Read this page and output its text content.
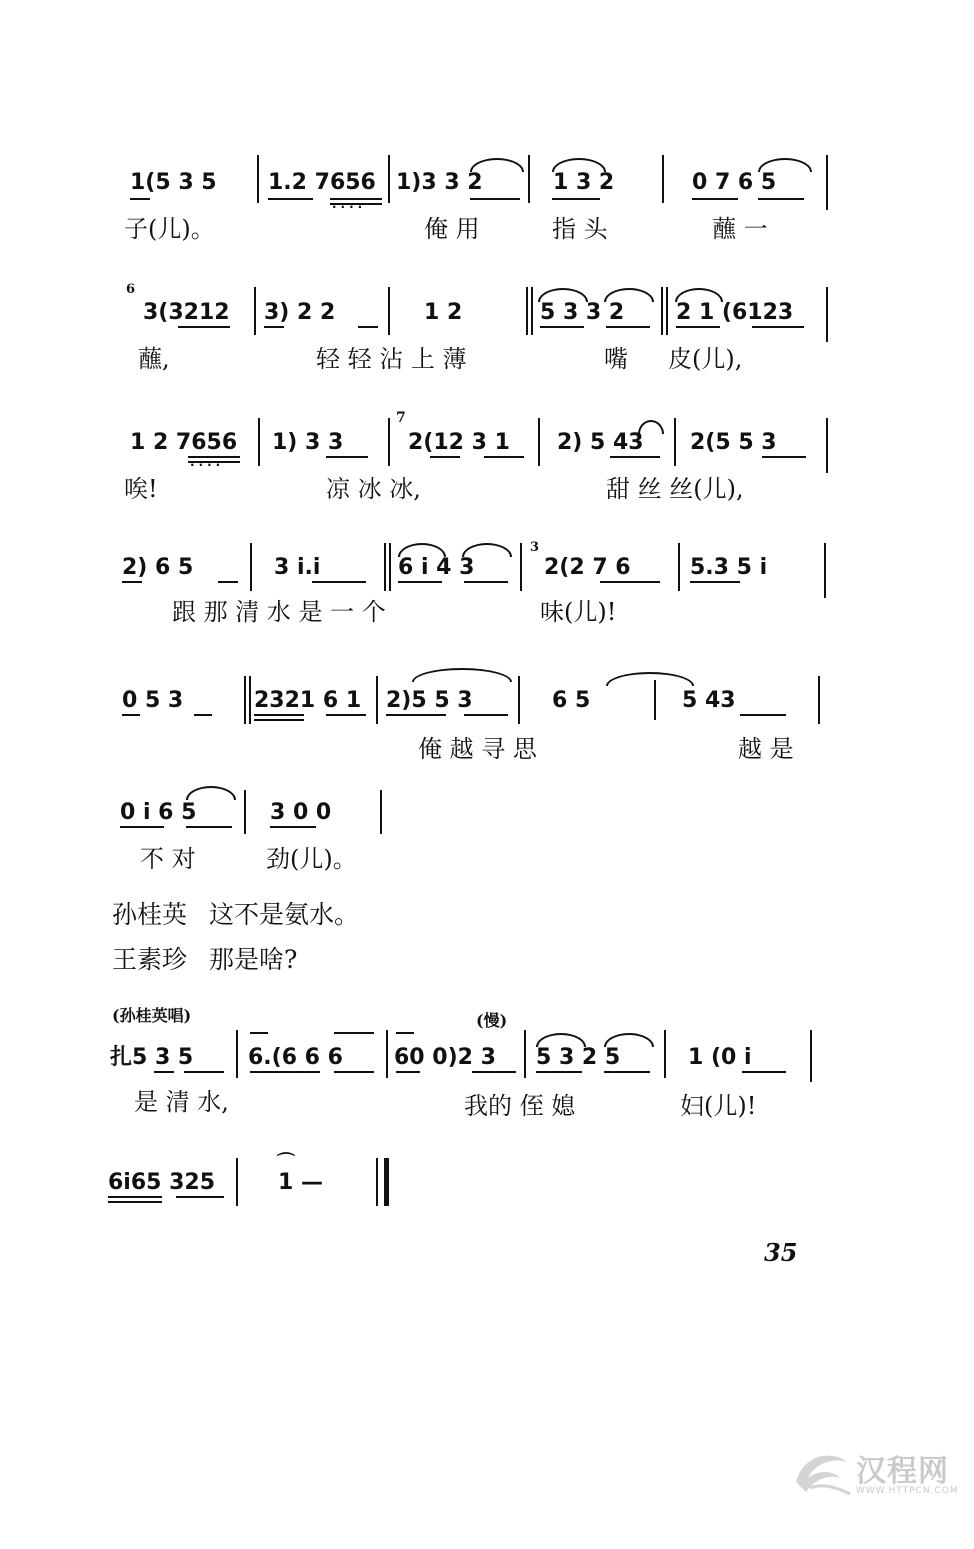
1(5 3 5 1.2 7656 1)3 3 2	1 3 2	0 7 6 5
····
子(儿)。	俺 用	指 头	蘸 一
6
3(3212 3) 2 2	1 2	5 3 3 2 2 1 (6123
蘸,	轻 轻 沾 上 薄	嘴 皮(儿),
1 2 7656 1) 3 3
7
2(12 3 1 2) 5 43 2(5 5 3
····
唉!	凉 冰 冰,	甜 丝 丝(儿),
2) 6 5	3 i.i	6 i 4 3
3
2(2 7 6	5.3 5 i
跟 那 清 水 是 一 个	味(儿)!
0 5 3	2321 6 1 2)5 5 3	6 5	5 43
俺 越 寻 思	越 是
0 i 6 5	3 0 0
不 对	劲(儿)。
孙桂英 这不是氨水。
王素珍 那是啥?
(孙桂英唱)	(慢)
扎5 3 5 6.(6 6 6 60 0)2 3 5 3 2 5	1 (0 i
是 清 水,	我的 侄 媳	妇(儿)!
6i65 325
⌒
1 —
35
汉程网
WWW.HTTPCN.COM
